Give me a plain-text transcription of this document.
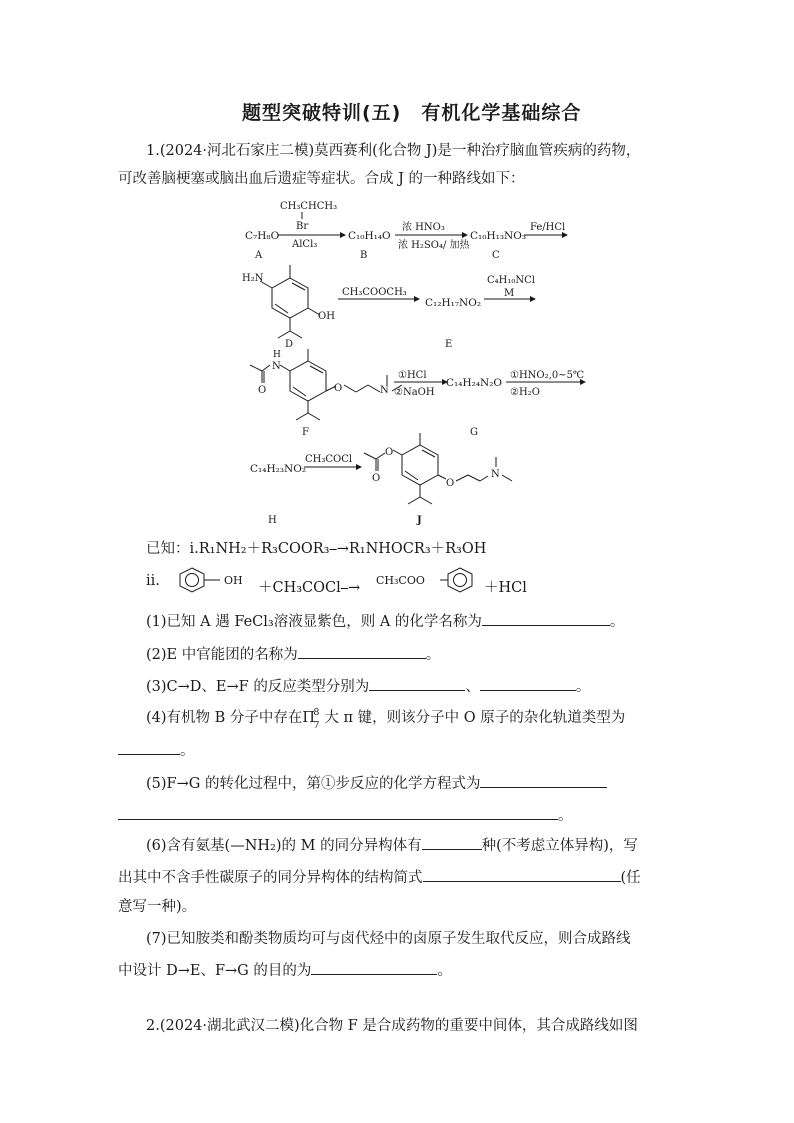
题型突破特训(五)　有机化学基础综合
1.(2024·河北石家庄二模)莫西赛利(化合物 J)是一种治疗脑血管疾病的药物，
可改善脑梗塞或脑出血后遗症等症状。合成 J 的一种路线如下：
C₇H₈O
A
CH₃CHCH₃
Br
AlCl₃
C₁₀H₁₄O
B
浓 HNO₃
浓 H₂SO₄/ 加热
C₁₀H₁₃NO₃
C
Fe/HCl
H₂N
OH
D
CH₃COOCH₃
C₁₂H₁₇NO₂
E
C₄H₁₀NCl
M
H
N
O	O	N
F
①HCl
②NaOH
C₁₄H₂₄N₂O
G
①HNO₂,0~5℃
②H₂O
C₁₄H₂₃NO₂
H
CH₃COCl
O
O	O
N
J
已知：ⅰ.R₁NH₂＋R₃COOR₃⎯→R₁NHOCR₃＋R₃OH
ⅱ.	OH ＋CH₃COCl⎯→ CH₃COO	＋HCl
(1)已知 A 遇 FeCl₃溶液显紫色，则 A 的化学名称为	。
(2)E 中官能团的名称为	。
(3)C→D、E→F 的反应类型分别为	、	。
(4)有机物 B 分子中存在Π
8
7 大 π 键，则该分子中 O 原子的杂化轨道类型为
。
(5)F→G 的转化过程中，第①步反应的化学方程式为
。
(6)含有氨基(—NH₂)的 M 的同分异构体有	种(不考虑立体异构)，写
出其中不含手性碳原子的同分异构体的结构简式	(任
意写一种)。
(7)已知胺类和酚类物质均可与卤代烃中的卤原子发生取代反应，则合成路线
中设计 D→E、F→G 的目的为	。
2.(2024·湖北武汉二模)化合物 F 是合成药物的重要中间体，其合成路线如图
